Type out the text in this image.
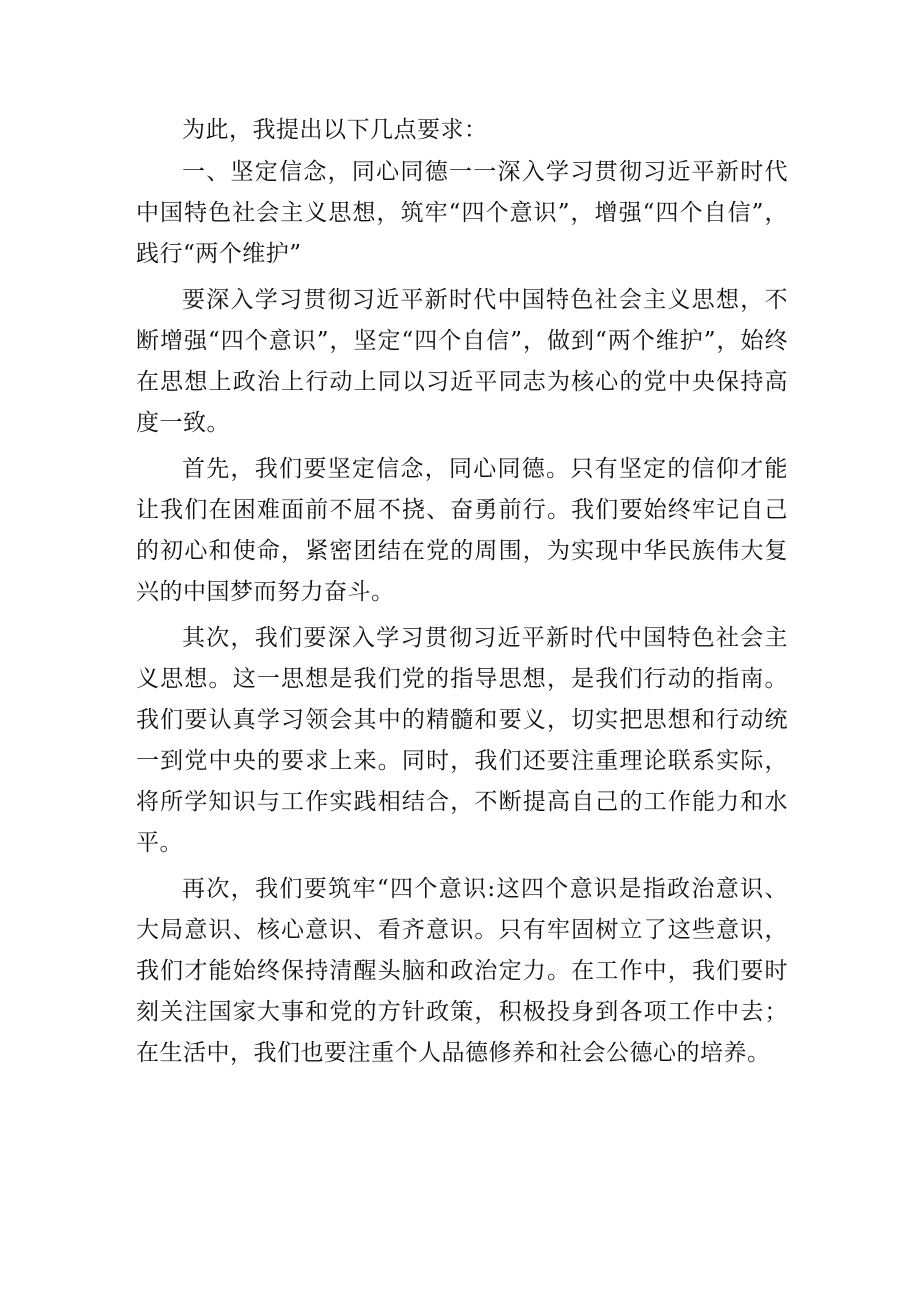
为此，我提出以下几点要求：

一、坚定信念，同心同德一一深入学习贯彻习近平新时代中国特色社会主义思想，筑牢“四个意识”，增强“四个自信”，践行“两个维护”

要深入学习贯彻习近平新时代中国特色社会主义思想，不断增强“四个意识”，坚定“四个自信”，做到“两个维护”，始终在思想上政治上行动上同以习近平同志为核心的党中央保持高度一致。

首先，我们要坚定信念，同心同德。只有坚定的信仰才能让我们在困难面前不屈不挠、奋勇前行。我们要始终牢记自己的初心和使命，紧密团结在党的周围，为实现中华民族伟大复兴的中国梦而努力奋斗。

其次，我们要深入学习贯彻习近平新时代中国特色社会主义思想。这一思想是我们党的指导思想，是我们行动的指南。我们要认真学习领会其中的精髓和要义，切实把思想和行动统一到党中央的要求上来。同时，我们还要注重理论联系实际，将所学知识与工作实践相结合，不断提高自己的工作能力和水平。

再次，我们要筑牢“四个意识:这四个意识是指政治意识、大局意识、核心意识、看齐意识。只有牢固树立了这些意识，我们才能始终保持清醒头脑和政治定力。在工作中，我们要时刻关注国家大事和党的方针政策，积极投身到各项工作中去；在生活中，我们也要注重个人品德修养和社会公德心的培养。
